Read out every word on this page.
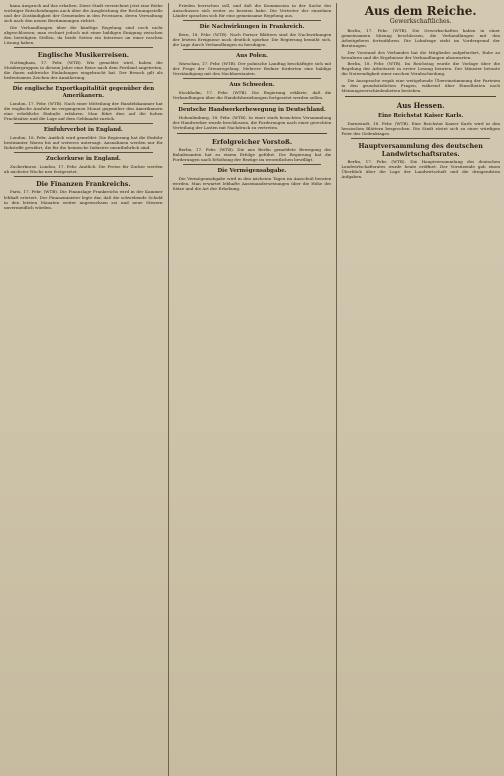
kann Anspruch auf das erhalten. Diese Stadt verzeichnet jetzt eine Reihe wichtiger Entscheidungen auch über die Ausgleichung der Rechnungsstelle und der Zuständigkeit der Gemeinden in den Provinzen, deren Verwaltung sich nach den neuen Bestimmungen richtet.

Die Verhandlungen über die künftige Regelung sind noch nicht abgeschlossen; man rechnet jedoch mit einer baldigen Einigung zwischen den beteiligten Stellen, da beide Seiten ein Interesse an einer raschen Lösung haben.

Englische Musikerreisen.

Nottingham, 17. Febr. (WTB). Wie gemeldet wird, haben die Musikergruppen in diesem Jahre eine Reise nach dem Festland angetreten, die ihnen zahlreiche Einladungen eingebracht hat. Der Besuch gilt als bedeutsames Zeichen der Annäherung.

Die englische Exportkapitalität gegenüber den Amerikanern.

London, 17. Febr. (WTB). Nach einer Mitteilung der Handelskammer hat die englische Ausfuhr im vergangenen Monat gegenüber den Amerikanern eine erhebliche Einbuße erfahren. Man führt dies auf die hohen Frachtsätze und die Lage auf dem Geldmarkt zurück.

Einfuhrverbot in England.

London, 18. Febr. Amtlich wird gemeldet: Die Regierung hat die Einfuhr bestimmter Waren bis auf weiteres untersagt. Ausnahmen werden nur für Rohstoffe gewährt, die für die heimische Industrie unentbehrlich sind.

Zuckerkurse in England.

Zuckerkurse. London, 17. Febr. Amtlich: Die Preise für Zucker werden ab nächster Woche neu festgesetzt.

Die Finanzen Frankreichs.

Paris, 17. Febr. (WTB). Die Finanzlage Frankreichs wird in der Kammer lebhaft erörtert. Der Finanzminister legte dar, daß die schwebende Schuld in den letzten Monaten weiter angewachsen sei und neue Steuern unvermeidlich würden.

Frieden herrschen soll, und daß die Kommission in der Sache des Ausschusses sich weiter zu beraten habe. Die Vertreter der einzelnen Länder sprachen sich für eine gemeinsame Regelung aus.

Die Nachwirkungen in Frankreich.

Bern, 18. Febr. (WTB). Nach Pariser Blättern sind die Nachwirkungen der letzten Ereignisse noch deutlich spürbar. Die Regierung bemüht sich, die Lage durch Verhandlungen zu beruhigen.

Aus Polen.

Warschau, 17. Febr. (WTB). Der polnische Landtag beschäftigte sich mit der Frage der Grenzregelung. Mehrere Redner forderten eine baldige Verständigung mit den Nachbarstaaten.

Aus Schweden.

Stockholm, 17. Febr. (WTB). Die Regierung erklärte, daß die Verhandlungen über die Handelsbeziehungen fortgesetzt werden sollen.

Deutsche Handwerkerbewegung in Deutschland.

Hohenlimburg, 18. Febr. (WTB). In einer stark besuchten Versammlung der Handwerker wurde beschlossen, die Forderungen nach einer gerechten Verteilung der Lasten mit Nachdruck zu vertreten.

Erfolgreicher Vorstoß.

Berlin, 17. Febr. (WTB). Die aus Berlin gemeldete Bewegung der Bahnbeamten hat zu einem Erfolge geführt. Die Regierung hat die Forderungen nach Erhöhung der Bezüge im wesentlichen bewilligt.

Die Vermögensabgabe.

Die Vermögensabgabe wird in den nächsten Tagen im Ausschuß beraten werden. Man erwartet lebhafte Auseinandersetzungen über die Höhe der Sätze und die Art der Erhebung.

Aus dem Reiche.
Gewerkschaftliches.

Berlin, 17. Febr. (WTB). Die Gewerkschaften haben in einer gemeinsamen Sitzung beschlossen, die Verhandlungen mit den Arbeitgebern fortzuführen. Die Lohnfrage steht im Vordergrund der Beratungen.

Der Vorstand des Verbandes hat die Mitglieder aufgefordert, Ruhe zu bewahren und die Ergebnisse der Verhandlungen abzuwarten.

Berlin, 18. Febr. (WTB). Im Reichstag wurde die Vorlage über die Regelung der Arbeitszeit in erster Lesung beraten. Der Minister betonte die Notwendigkeit einer raschen Verabschiedung.

Die Aussprache ergab eine weitgehende Übereinstimmung der Parteien in den grundsätzlichen Fragen, während über Einzelheiten noch Meinungsverschiedenheiten bestehen.

Aus Hessen.
Eine Reichstat Kaiser Karls.

Darmstadt, 18. Febr. (WTB). Eine Reichstat Kaiser Karls wird in den hessischen Blättern besprochen. Die Stadt rüstet sich zu einer würdigen Feier des Gedenktages.

Hauptversammlung des deutschen Landwirtschaftsrates.

Berlin, 17. Febr. (WTB). Die Hauptversammlung des deutschen Landwirtschaftsrates wurde heute eröffnet. Der Vorsitzende gab einen Überblick über die Lage der Landwirtschaft und die dringendsten Aufgaben.
